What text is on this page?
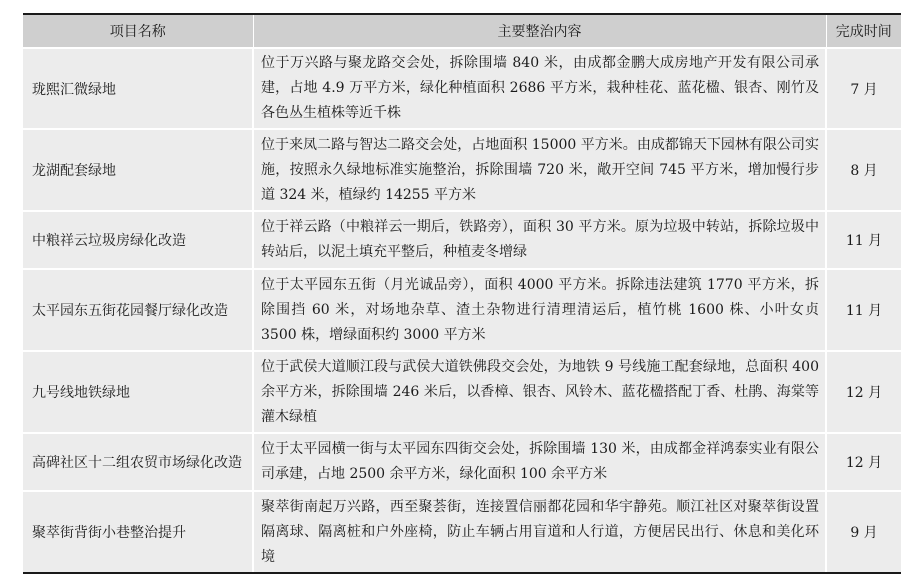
项目名称	主要整治内容	完成时间
珑熙汇微绿地	位于万兴路与聚龙路交会处，拆除围墙 840 米，由成都金鹏大成房地产开发有限公司承建，占地 4.9 万平方米，绿化种植面积 2686 平方米，栽种桂花、蓝花楹、银杏、刚竹及各色丛生植株等近千株	7 月
龙湖配套绿地	位于来凤二路与智达二路交会处，占地面积 15000 平方米。由成都锦天下园林有限公司实施，按照永久绿地标准实施整治，拆除围墙 720 米，敞开空间 745 平方米，增加慢行步道 324 米，植绿约 14255 平方米	8 月
中粮祥云垃圾房绿化改造	位于祥云路（中粮祥云一期后，铁路旁），面积 30 平方米。原为垃圾中转站，拆除垃圾中转站后，以泥土填充平整后，种植麦冬增绿	11 月
太平园东五街花园餐厅绿化改造	位于太平园东五街（月光诚品旁），面积 4000 平方米。拆除违法建筑 1770 平方米，拆除围挡 60 米，对场地杂草、渣土杂物进行清理清运后，植竹桃 1600 株、小叶女贞 3500 株，增绿面积约 3000 平方米	11 月
九号线地铁绿地	位于武侯大道顺江段与武侯大道铁佛段交会处，为地铁 9 号线施工配套绿地，总面积 400 余平方米，拆除围墙 246 米后，以香樟、银杏、风铃木、蓝花楹搭配丁香、杜鹃、海棠等灌木绿植	12 月
高碑社区十二组农贸市场绿化改造	位于太平园横一街与太平园东四街交会处，拆除围墙 130 米，由成都金祥鸿泰实业有限公司承建，占地 2500 余平方米，绿化面积 100 余平方米	12 月
聚萃街背街小巷整治提升	聚萃街南起万兴路，西至聚荟街，连接置信丽都花园和华宇静苑。顺江社区对聚萃街设置隔离球、隔离桩和户外座椅，防止车辆占用盲道和人行道，方便居民出行、休息和美化环境	9 月
